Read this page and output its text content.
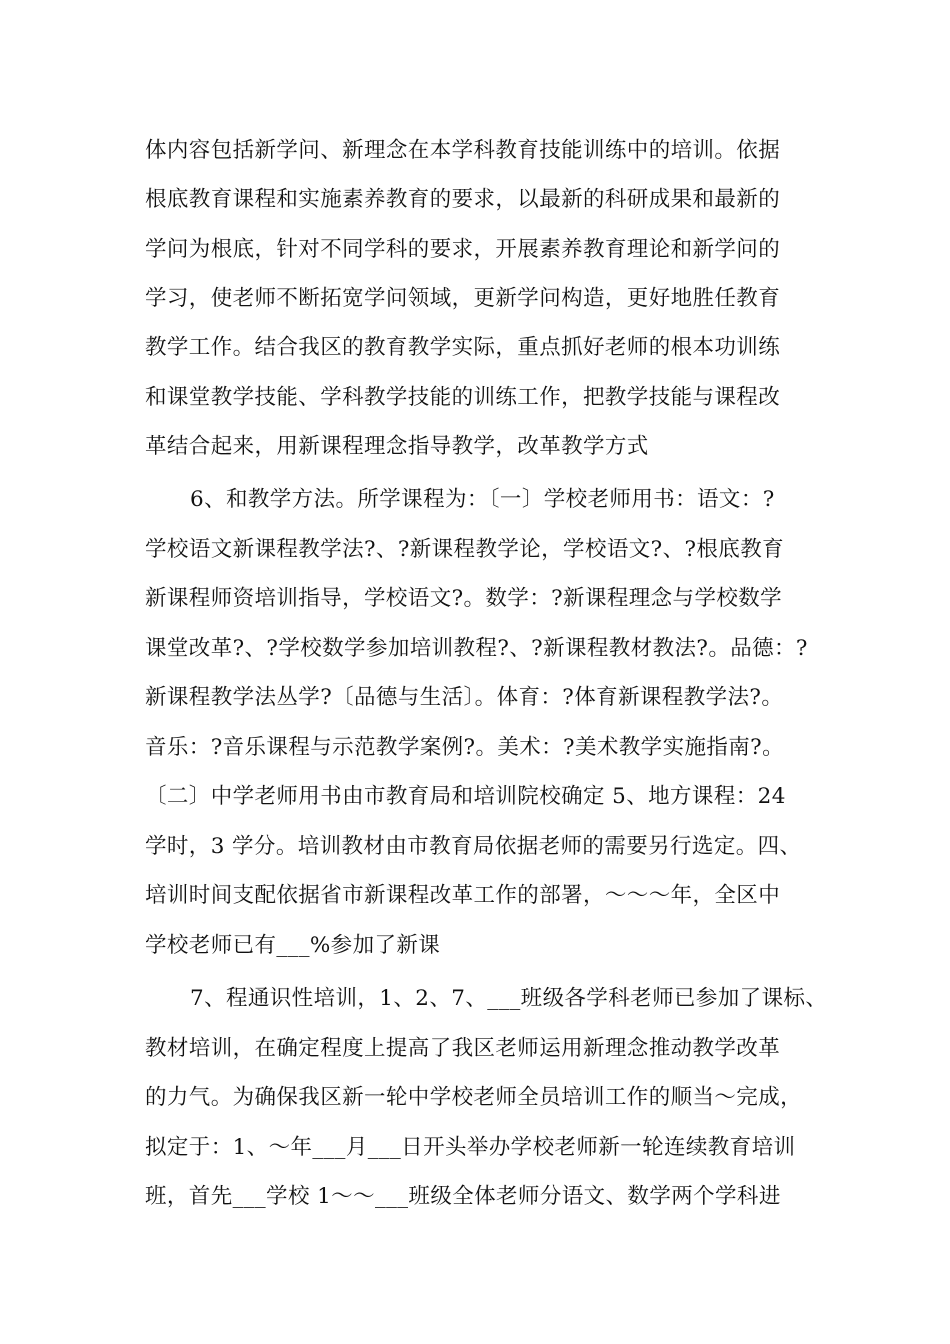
体内容包括新学问、新理念在本学科教育技能训练中的培训。依据
根底教育课程和实施素养教育的要求，以最新的科研成果和最新的
学问为根底，针对不同学科的要求，开展素养教育理论和新学问的
学习，使老师不断拓宽学问领域，更新学问构造，更好地胜任教育
教学工作。结合我区的教育教学实际，重点抓好老师的根本功训练
和课堂教学技能、学科教学技能的训练工作，把教学技能与课程改
革结合起来，用新课程理念指导教学，改革教学方式
6、和教学方法。所学课程为：〔一〕学校老师用书：语文：?
学校语文新课程教学法?、?新课程教学论，学校语文?、?根底教育
新课程师资培训指导，学校语文?。数学：?新课程理念与学校数学
课堂改革?、?学校数学参加培训教程?、?新课程教材教法?。品德：?
新课程教学法丛学?〔品德与生活〕。体育：?体育新课程教学法?。
音乐：?音乐课程与示范教学案例?。美术：?美术教学实施指南?。
〔二〕中学老师用书由市教育局和培训院校确定 5、地方课程：24
学时，3 学分。培训教材由市教育局依据老师的需要另行选定。四、
培训时间支配依据省市新课程改革工作的部署，～～～年，全区中
学校老师已有___%参加了新课
7、程通识性培训，1、2、7、___班级各学科老师已参加了课标、
教材培训，在确定程度上提高了我区老师运用新理念推动教学改革
的力气。为确保我区新一轮中学校老师全员培训工作的顺当～完成，
拟定于：1、～年___月___日开头举办学校老师新一轮连续教育培训
班，首先___学校 1～～___班级全体老师分语文、数学两个学科进
